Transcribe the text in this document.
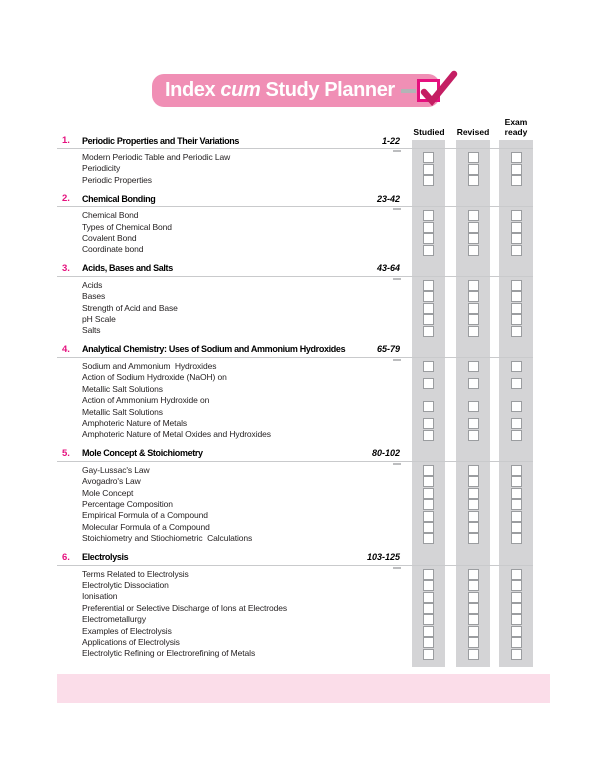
Index cum Study Planner
Studied	Revised
Exam ready
1.	Periodic Properties and Their Variations	1-22
Modern Periodic Table and Periodic Law
Periodicity
Periodic Properties
2.	Chemical Bonding	23-42
Chemical Bond
Types of Chemical Bond
Covalent Bond
Coordinate bond
3.	Acids, Bases and Salts	43-64
Acids
Bases
Strength of Acid and Base
pH Scale
Salts
4.	Analytical Chemistry: Uses of Sodium and Ammonium Hydroxides	65-79
Sodium and Ammonium  Hydroxides
Action of Sodium Hydroxide (NaOH) on
Metallic Salt Solutions
Action of Ammonium Hydroxide on
Metallic Salt Solutions
Amphoteric Nature of Metals
Amphoteric Nature of Metal Oxides and Hydroxides
5.	Mole Concept & Stoichiometry	80-102
Gay-Lussac's Law
Avogadro's Law
Mole Concept
Percentage Composition
Empirical Formula of a Compound
Molecular Formula of a Compound
Stoichiometry and Stiochiometric  Calculations
6.	Electrolysis	103-125
Terms Related to Electrolysis
Electrolytic Dissociation
Ionisation
Preferential or Selective Discharge of Ions at Electrodes
Electrometallurgy
Examples of Electrolysis
Applications of Electrolysis
Electrolytic Refining or Electrorefining of Metals
